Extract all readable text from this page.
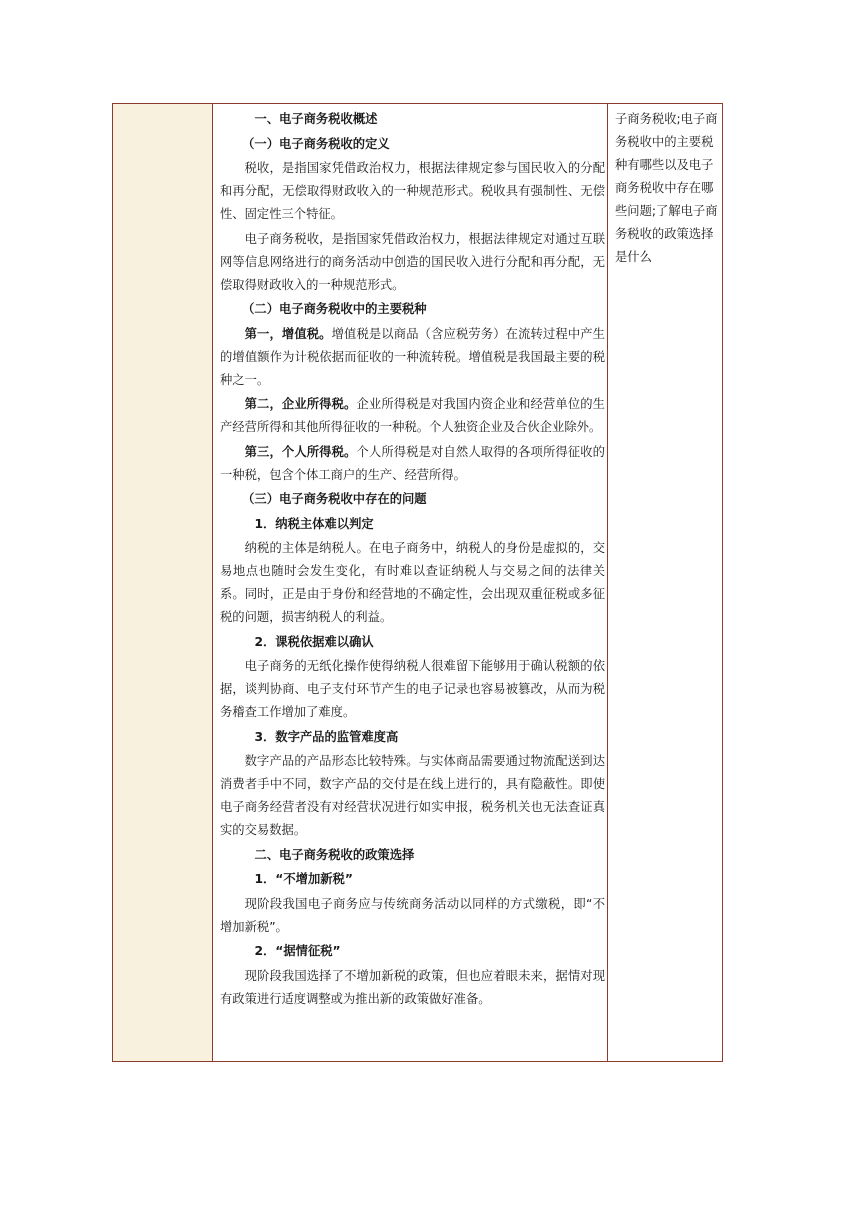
一、电子商务税收概述

（一）电子商务税收的定义

税收，是指国家凭借政治权力，根据法律规定参与国民收入的分配和再分配，无偿取得财政收入的一种规范形式。税收具有强制性、无偿性、固定性三个特征。

电子商务税收，是指国家凭借政治权力，根据法律规定对通过互联网等信息网络进行的商务活动中创造的国民收入进行分配和再分配，无偿取得财政收入的一种规范形式。

（二）电子商务税收中的主要税种

第一，增值税。增值税是以商品（含应税劳务）在流转过程中产生的增值额作为计税依据而征收的一种流转税。增值税是我国最主要的税种之一。

第二，企业所得税。企业所得税是对我国内资企业和经营单位的生产经营所得和其他所得征收的一种税。个人独资企业及合伙企业除外。

第三，个人所得税。个人所得税是对自然人取得的各项所得征收的一种税，包含个体工商户的生产、经营所得。

（三）电子商务税收中存在的问题

1．纳税主体难以判定

纳税的主体是纳税人。在电子商务中，纳税人的身份是虚拟的，交易地点也随时会发生变化，有时难以查证纳税人与交易之间的法律关系。同时，正是由于身份和经营地的不确定性，会出现双重征税或多征税的问题，损害纳税人的利益。

2．课税依据难以确认

电子商务的无纸化操作使得纳税人很难留下能够用于确认税额的依据，谈判协商、电子支付环节产生的电子记录也容易被篡改，从而为税务稽查工作增加了难度。

3．数字产品的监管难度高

数字产品的产品形态比较特殊。与实体商品需要通过物流配送到达消费者手中不同，数字产品的交付是在线上进行的，具有隐蔽性。即使电子商务经营者没有对经营状况进行如实申报，税务机关也无法查证真实的交易数据。

二、电子商务税收的政策选择

1．“不增加新税”

现阶段我国电子商务应与传统商务活动以同样的方式缴税，即“不增加新税”。

2．“据情征税”

现阶段我国选择了不增加新税的政策，但也应着眼未来，据情对现有政策进行适度调整或为推出新的政策做好准备。

子商务税收;电子商务税收中的主要税种有哪些以及电子商务税收中存在哪些问题;了解电子商务税收的政策选择是什么
